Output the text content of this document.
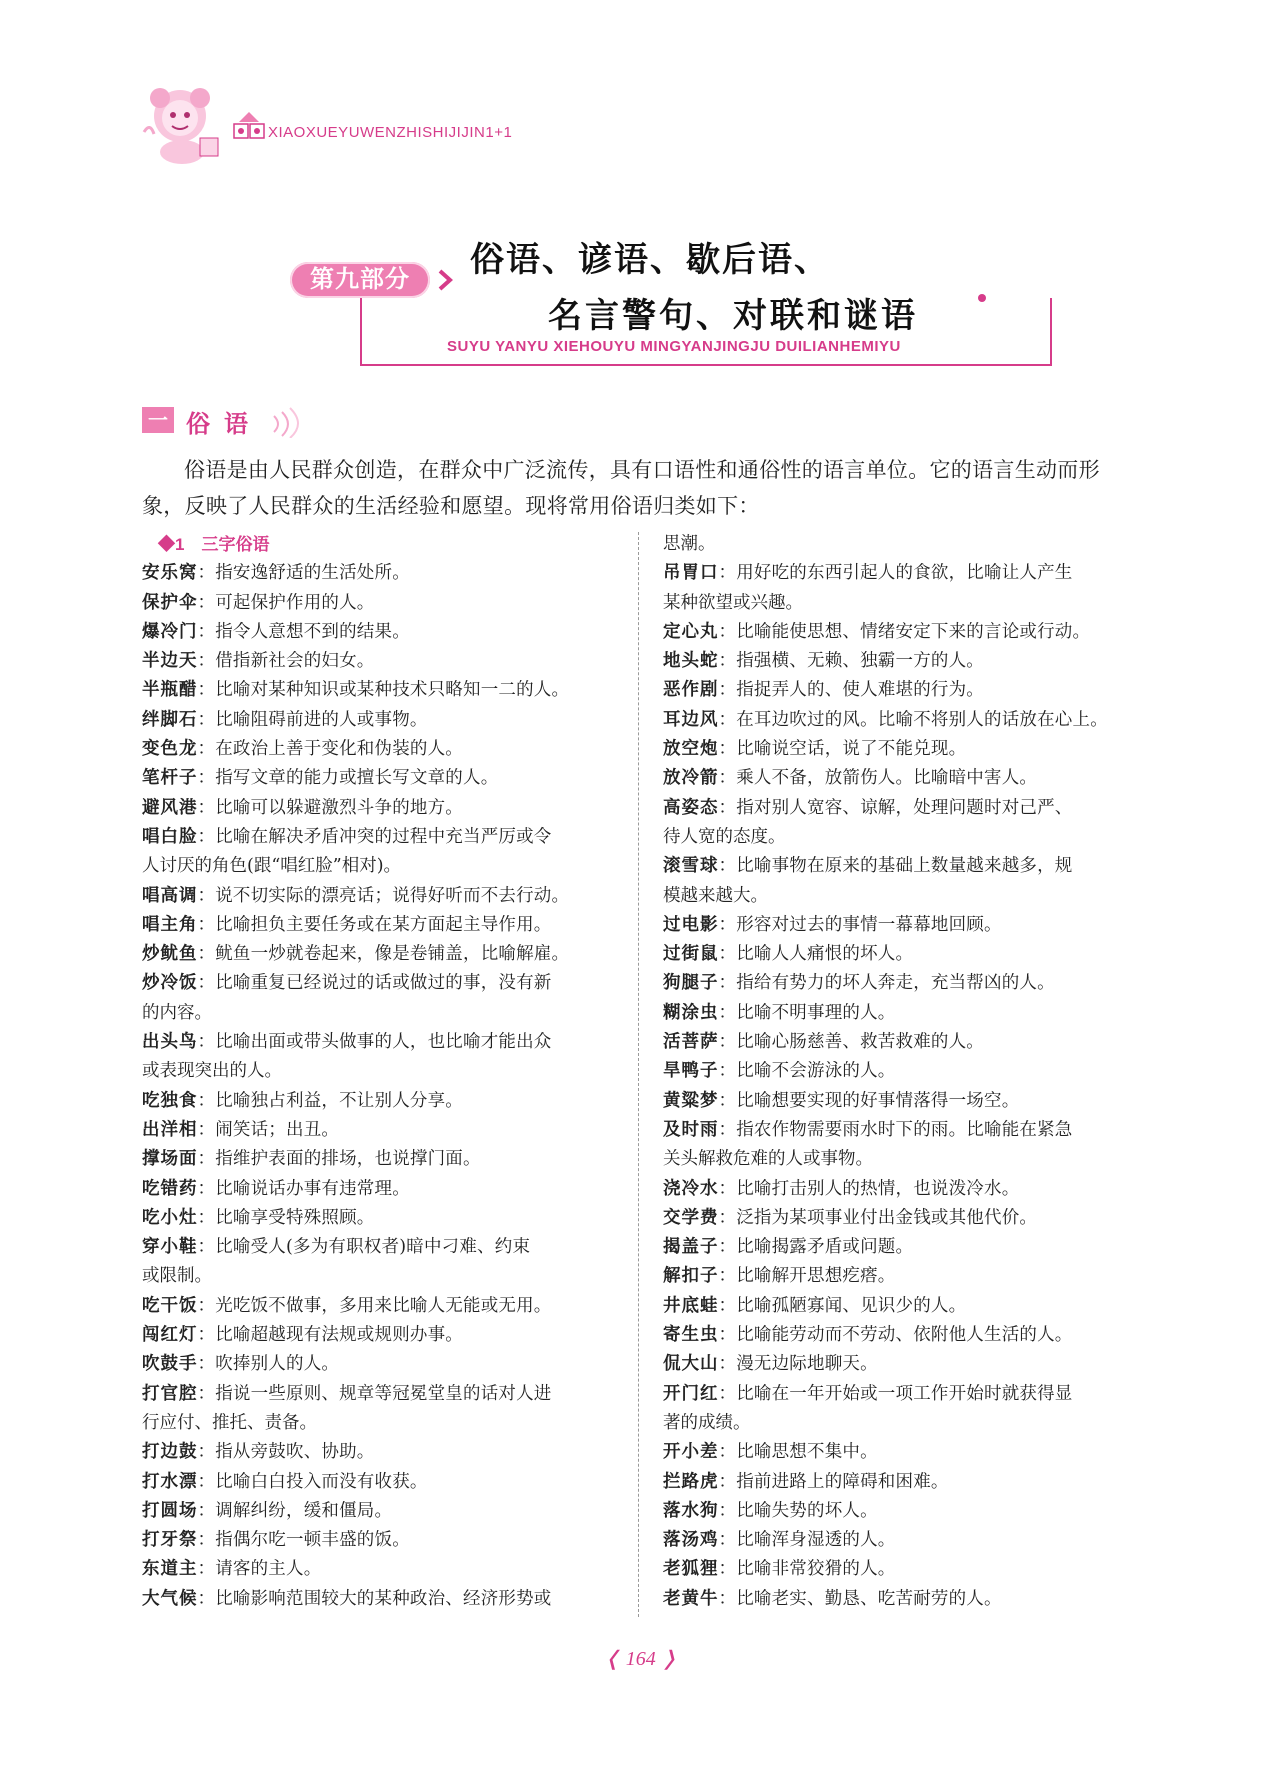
XIAOXUEYUWENZHISHIJIJIN1+1
第九部分	俗语、谚语、歇后语、
名言警句、对联和谜语
SUYU YANYU XIEHOUYU MINGYANJINGJU DUILIANHEMIYU
一 俗语

俗语是由人民群众创造，在群众中广泛流传，具有口语性和通俗性的语言单位。它的语言生动而形象，反映了人民群众的生活经验和愿望。现将常用俗语归类如下：

◆1　三字俗语

安乐窝：指安逸舒适的生活处所。

保护伞：可起保护作用的人。

爆冷门：指令人意想不到的结果。

半边天：借指新社会的妇女。

半瓶醋：比喻对某种知识或某种技术只略知一二的人。

绊脚石：比喻阻碍前进的人或事物。

变色龙：在政治上善于变化和伪装的人。

笔杆子：指写文章的能力或擅长写文章的人。

避风港：比喻可以躲避激烈斗争的地方。

唱白脸：比喻在解决矛盾冲突的过程中充当严厉或令

人讨厌的角色(跟“唱红脸”相对)。

唱高调：说不切实际的漂亮话；说得好听而不去行动。

唱主角：比喻担负主要任务或在某方面起主导作用。

炒鱿鱼：鱿鱼一炒就卷起来，像是卷铺盖，比喻解雇。

炒冷饭：比喻重复已经说过的话或做过的事，没有新

的内容。

出头鸟：比喻出面或带头做事的人，也比喻才能出众

或表现突出的人。

吃独食：比喻独占利益，不让别人分享。

出洋相：闹笑话；出丑。

撑场面：指维护表面的排场，也说撑门面。

吃错药：比喻说话办事有违常理。

吃小灶：比喻享受特殊照顾。

穿小鞋：比喻受人(多为有职权者)暗中刁难、约束

或限制。

吃干饭：光吃饭不做事，多用来比喻人无能或无用。

闯红灯：比喻超越现有法规或规则办事。

吹鼓手：吹捧别人的人。

打官腔：指说一些原则、规章等冠冕堂皇的话对人进

行应付、推托、责备。

打边鼓：指从旁鼓吹、协助。

打水漂：比喻白白投入而没有收获。

打圆场：调解纠纷，缓和僵局。

打牙祭：指偶尔吃一顿丰盛的饭。

东道主：请客的主人。

大气候：比喻影响范围较大的某种政治、经济形势或

思潮。

吊胃口：用好吃的东西引起人的食欲，比喻让人产生

某种欲望或兴趣。

定心丸：比喻能使思想、情绪安定下来的言论或行动。

地头蛇：指强横、无赖、独霸一方的人。

恶作剧：指捉弄人的、使人难堪的行为。

耳边风：在耳边吹过的风。比喻不将别人的话放在心上。

放空炮：比喻说空话，说了不能兑现。

放冷箭：乘人不备，放箭伤人。比喻暗中害人。

高姿态：指对别人宽容、谅解，处理问题时对己严、

待人宽的态度。

滚雪球：比喻事物在原来的基础上数量越来越多，规

模越来越大。

过电影：形容对过去的事情一幕幕地回顾。

过街鼠：比喻人人痛恨的坏人。

狗腿子：指给有势力的坏人奔走，充当帮凶的人。

糊涂虫：比喻不明事理的人。

活菩萨：比喻心肠慈善、救苦救难的人。

旱鸭子：比喻不会游泳的人。

黄粱梦：比喻想要实现的好事情落得一场空。

及时雨：指农作物需要雨水时下的雨。比喻能在紧急

关头解救危难的人或事物。

浇冷水：比喻打击别人的热情，也说泼冷水。

交学费：泛指为某项事业付出金钱或其他代价。

揭盖子：比喻揭露矛盾或问题。

解扣子：比喻解开思想疙瘩。

井底蛙：比喻孤陋寡闻、见识少的人。

寄生虫：比喻能劳动而不劳动、依附他人生活的人。

侃大山：漫无边际地聊天。

开门红：比喻在一年开始或一项工作开始时就获得显

著的成绩。

开小差：比喻思想不集中。

拦路虎：指前进路上的障碍和困难。

落水狗：比喻失势的坏人。

落汤鸡：比喻浑身湿透的人。

老狐狸：比喻非常狡猾的人。

老黄牛：比喻老实、勤恳、吃苦耐劳的人。

❬ 164 ❭
